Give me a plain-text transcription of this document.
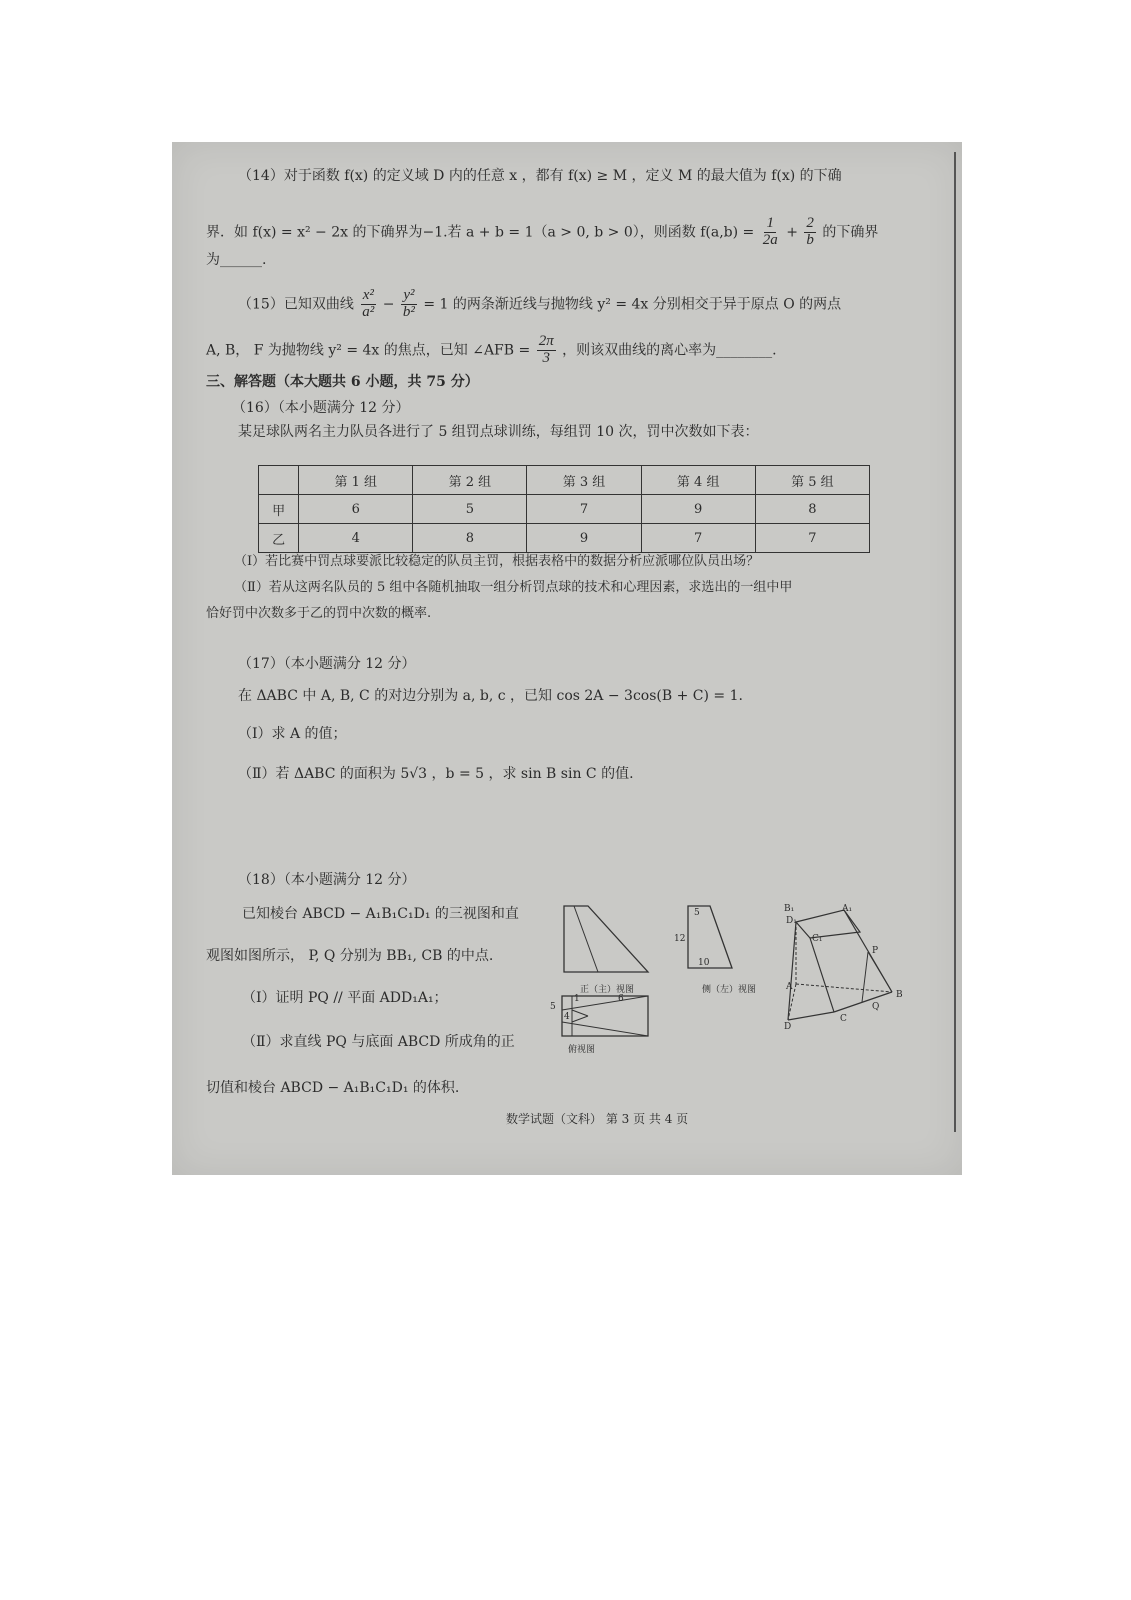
（14）对于函数 f(x) 的定义域 D 内的任意 x ，都有 f(x) ≥ M ，定义 M 的最大值为 f(x) 的下确
界．如 f(x) = x² − 2x 的下确界为−1.若 a + b = 1（a > 0, b > 0），则函数 $f(a,b) = \frac{1}{2a} + \frac{2}{b}$ 的下确界
为______.
（15）已知双曲线 $\frac{\text{x²}}{\text{a²}} - \frac{\text{y²}}{\text{b²}} = 1$ 的两条渐近线与抛物线 y² = 4x 分别相交于异于原点 O 的两点
A, B， F 为抛物线 y² = 4x 的焦点，已知 ∠AFB = $\frac{2\pi}{3}$ ，则该双曲线的离心率为________.
三、解答题（本大题共 6 小题，共 75 分）
（16）（本小题满分 12 分）
某足球队两名主力队员各进行了 5 组罚点球训练，每组罚 10 次，罚中次数如下表：
	第 1 组	第 2 组	第 3 组	第 4 组	第 5 组
甲	6	5	7	9	8
乙	4	8	9	7	7
（Ⅰ）若比赛中罚点球要派比较稳定的队员主罚，根据表格中的数据分析应派哪位队员出场？
（Ⅱ）若从这两名队员的 5 组中各随机抽取一组分析罚点球的技术和心理因素，求选出的一组中甲
恰好罚中次数多于乙的罚中次数的概率.
（17）（本小题满分 12 分）
在 ΔABC 中 A, B, C 的对边分别为 a, b, c ，已知 cos 2A − 3cos(B + C) = 1.
（Ⅰ）求 A 的值；
（Ⅱ）若 ΔABC 的面积为 5√3 ，b = 5 ，求 sin B sin C 的值.
（18）（本小题满分 12 分）
已知棱台 ABCD − A₁B₁C₁D₁ 的三视图和直
观图如图所示， P, Q 分别为 BB₁, CB 的中点.
（Ⅰ）证明 PQ // 平面 ADD₁A₁；
（Ⅱ）求直线 PQ 与底面 ABCD 所成角的正
切值和棱台 ABCD − A₁B₁C₁D₁ 的体积.
正（主）视图
5
12
10
侧（左）视图
1	6
4
5
俯视图
D₁
A₁
B₁
C₁
P
A
D
B
C
Q
数学试题（文科） 第 3 页 共 4 页
